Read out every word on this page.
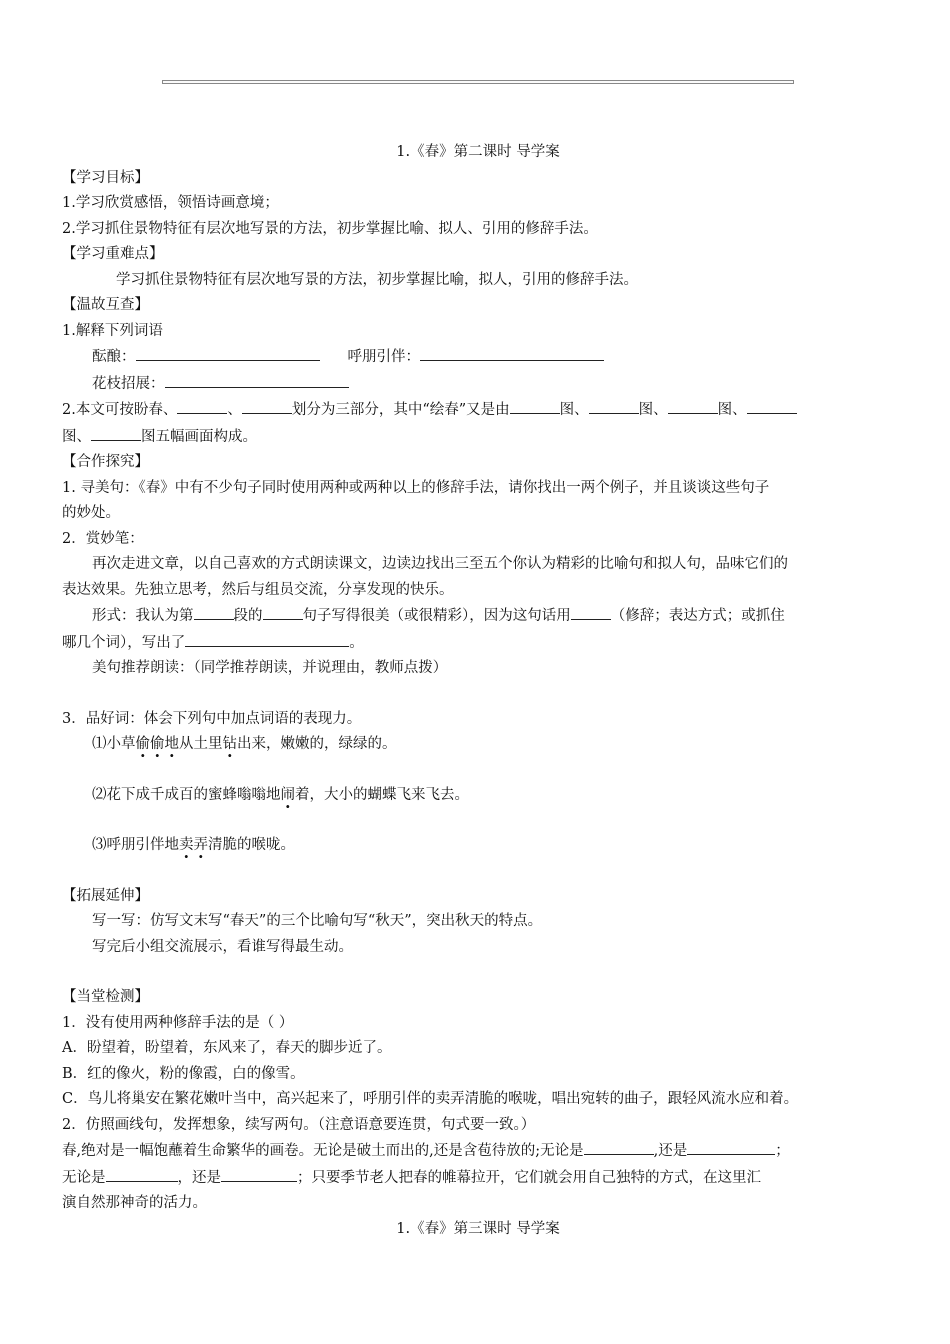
1.《春》第二课时 导学案

【学习目标】

1.学习欣赏感悟，领悟诗画意境；

2.学习抓住景物特征有层次地写景的方法，初步掌握比喻、拟人、引用的修辞手法。

【学习重难点】

学习抓住景物特征有层次地写景的方法，初步掌握比喻，拟人，引用的修辞手法。

【温故互查】

1.解释下列词语

酝酿：	呼朋引伴：

花枝招展：

2.本文可按盼春、	、	划分为三部分，其中“绘春”又是由	图、	图、	图、

图、	图五幅画面构成。

【合作探究】

1. 寻美句：《春》中有不少句子同时使用两种或两种以上的修辞手法，请你找出一两个例子，并且谈谈这些句子

的妙处。

2．赏妙笔：

再次走进文章，以自己喜欢的方式朗读课文，边读边找出三至五个你认为精彩的比喻句和拟人句，品味它们的

表达效果。先独立思考，然后与组员交流，分享发现的快乐。

形式：我认为第	段的	句子写得很美（或很精彩），因为这句话用	（修辞；表达方式；或抓住

哪几个词），写出了	。

美句推荐朗读：（同学推荐朗读，并说理由，教师点拨）

3．品好词：体会下列句中加点词语的表现力。

⑴小草偷偷地从土里钻出来，嫩嫩的，绿绿的。

⑵花下成千成百的蜜蜂嗡嗡地闹着，大小的蝴蝶飞来飞去。

⑶呼朋引伴地卖弄清脆的喉咙。

【拓展延伸】

写一写：仿写文末写“春天”的三个比喻句写“秋天”，突出秋天的特点。

写完后小组交流展示，看谁写得最生动。

【当堂检测】

1．没有使用两种修辞手法的是（ ）

A．盼望着，盼望着，东风来了，春天的脚步近了。

B．红的像火，粉的像霞，白的像雪。

C．鸟儿将巢安在繁花嫩叶当中，高兴起来了，呼朋引伴的卖弄清脆的喉咙，唱出宛转的曲子，跟轻风流水应和着。

2．仿照画线句，发挥想象，续写两句。（注意语意要连贯，句式要一致。）

春,绝对是一幅饱蘸着生命繁华的画卷。无论是破土而出的,还是含苞待放的;无论是	,还是	；

无论是	，还是	；只要季节老人把春的帷幕拉开，它们就会用自己独特的方式，在这里汇

演自然那神奇的活力。

1.《春》第三课时 导学案
